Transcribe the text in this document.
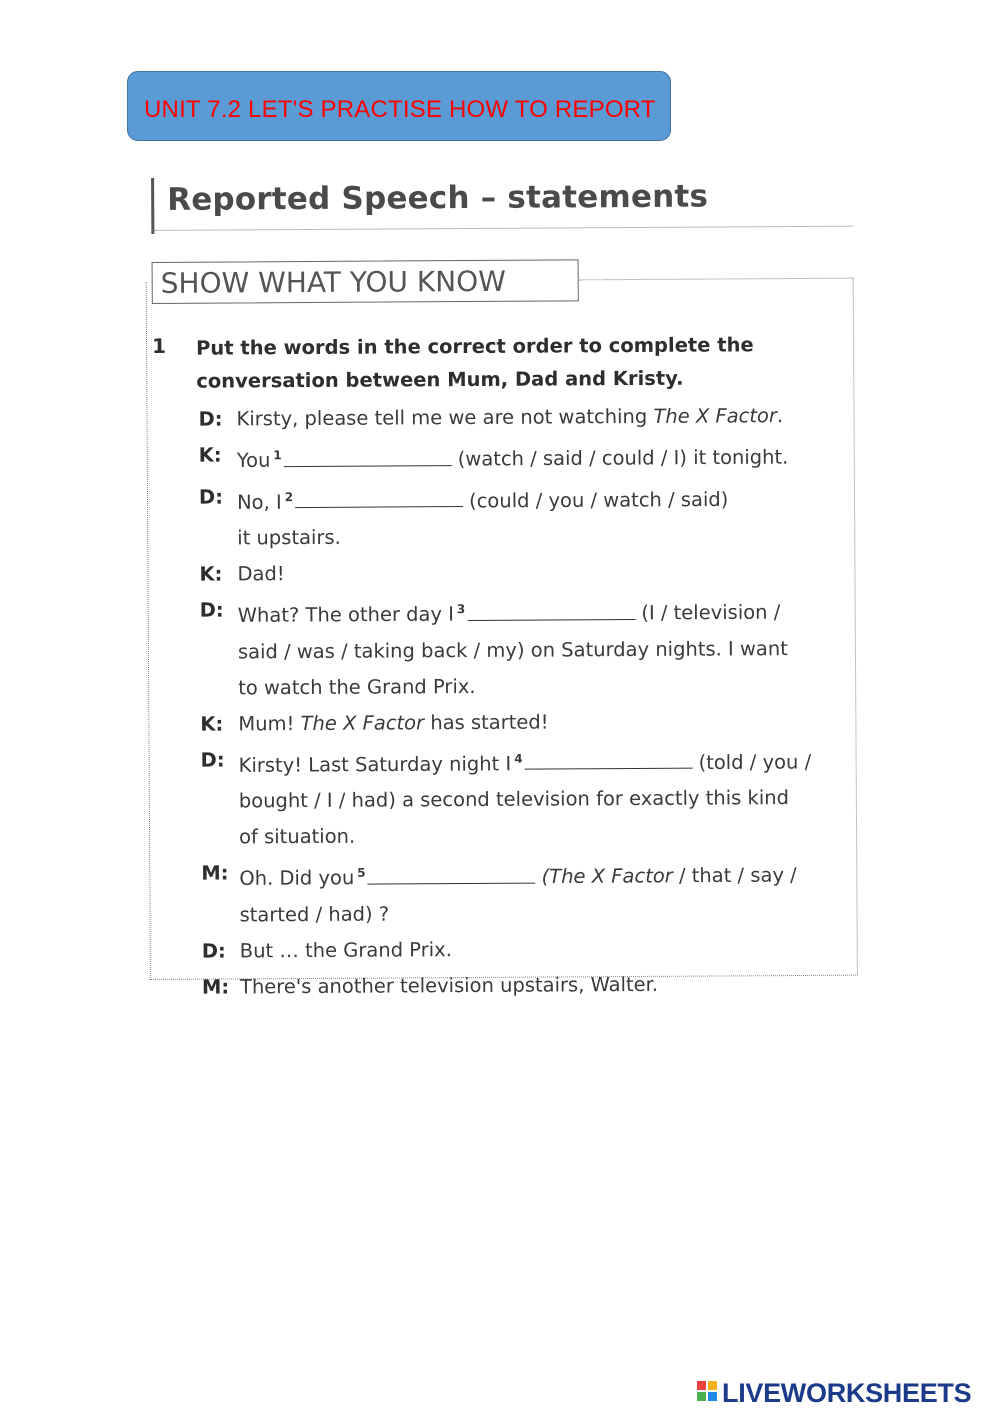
UNIT 7.2 LET'S PRACTISE HOW TO REPORT
Reported Speech – statements
SHOW WHAT YOU KNOW
1 Put the words in the correct order to complete the conversation between Mum, Dad and Kristy.
D: Kirsty, please tell me we are not watching The X Factor.
K: You $^1$	(watch / said / could / I) it tonight.
D: No, I $^2$	(could / you / watch / said)
it upstairs.
K: Dad!
D: What? The other day I $^3$	(I / television /
said / was / taking back / my) on Saturday nights. I want
to watch the Grand Prix.
K: Mum! The X Factor has started!
D: Kirsty! Last Saturday night I $^4$	(told / you /
bought / I / had) a second television for exactly this kind
of situation.
M: Oh. Did you $^5$	(The X Factor / that / say /
started / had) ?
D: But … the Grand Prix.
M: There's another television upstairs, Walter.
LIVEWORKSHEETS
